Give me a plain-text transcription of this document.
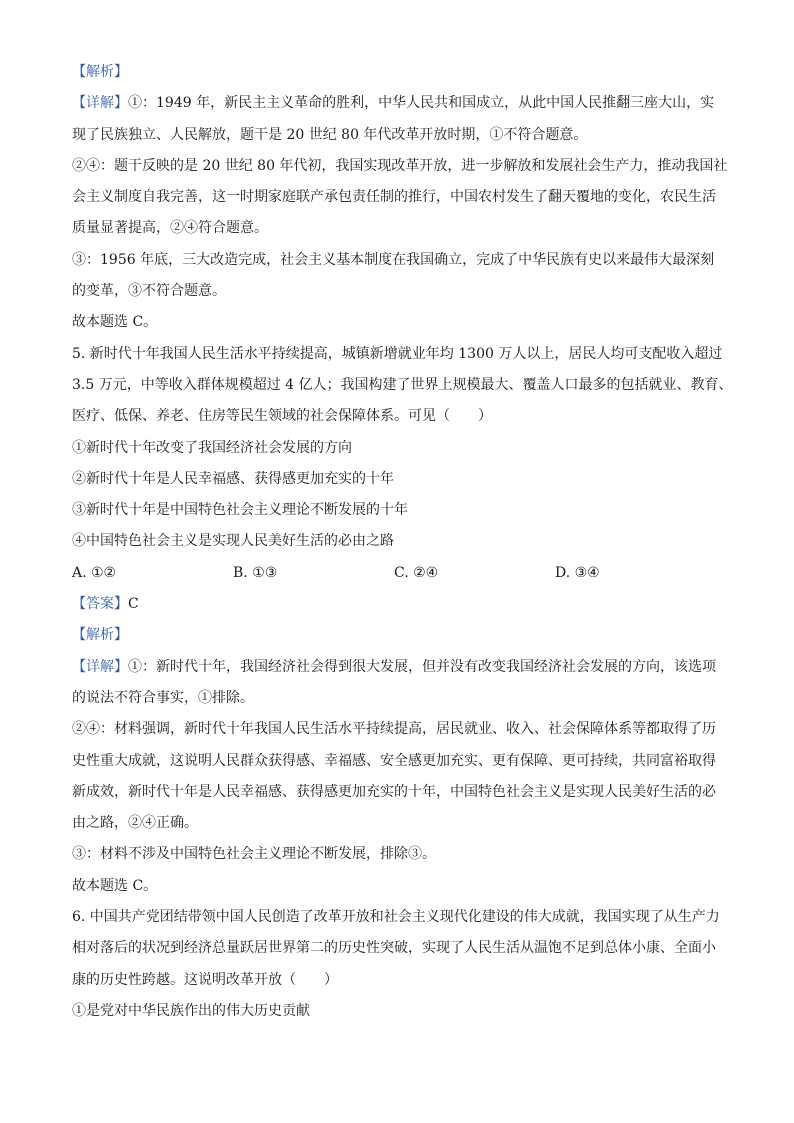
【解析】
【详解】①：1949 年，新民主主义革命的胜利，中华人民共和国成立，从此中国人民推翻三座大山，实
现了民族独立、人民解放，题干是 20 世纪 80 年代改革开放时期，①不符合题意。
②④：题干反映的是 20 世纪 80 年代初，我国实现改革开放，进一步解放和发展社会生产力，推动我国社
会主义制度自我完善，这一时期家庭联产承包责任制的推行，中国农村发生了翻天覆地的变化，农民生活
质量显著提高，②④符合题意。
③：1956 年底，三大改造完成，社会主义基本制度在我国确立，完成了中华民族有史以来最伟大最深刻
的变革，③不符合题意。
故本题选 C。
5. 新时代十年我国人民生活水平持续提高，城镇新增就业年均 1300 万人以上，居民人均可支配收入超过
3.5 万元，中等收入群体规模超过 4 亿人；我国构建了世界上规模最大、覆盖人口最多的包括就业、教育、
医疗、低保、养老、住房等民生领域的社会保障体系。可见（　　）
①新时代十年改变了我国经济社会发展的方向
②新时代十年是人民幸福感、获得感更加充实的十年
③新时代十年是中国特色社会主义理论不断发展的十年
④中国特色社会主义是实现人民美好生活的必由之路
A. ①②	B. ①③	C. ②④	D. ③④
【答案】C
【解析】
【详解】①：新时代十年，我国经济社会得到很大发展，但并没有改变我国经济社会发展的方向，该选项
的说法不符合事实，①排除。
②④：材料强调，新时代十年我国人民生活水平持续提高，居民就业、收入、社会保障体系等都取得了历
史性重大成就，这说明人民群众获得感、幸福感、安全感更加充实、更有保障、更可持续，共同富裕取得
新成效，新时代十年是人民幸福感、获得感更加充实的十年，中国特色社会主义是实现人民美好生活的必
由之路，②④正确。
③：材料不涉及中国特色社会主义理论不断发展，排除③。
故本题选 C。
6. 中国共产党团结带领中国人民创造了改革开放和社会主义现代化建设的伟大成就，我国实现了从生产力
相对落后的状况到经济总量跃居世界第二的历史性突破，实现了人民生活从温饱不足到总体小康、全面小
康的历史性跨越。这说明改革开放（　　）
①是党对中华民族作出的伟大历史贡献
